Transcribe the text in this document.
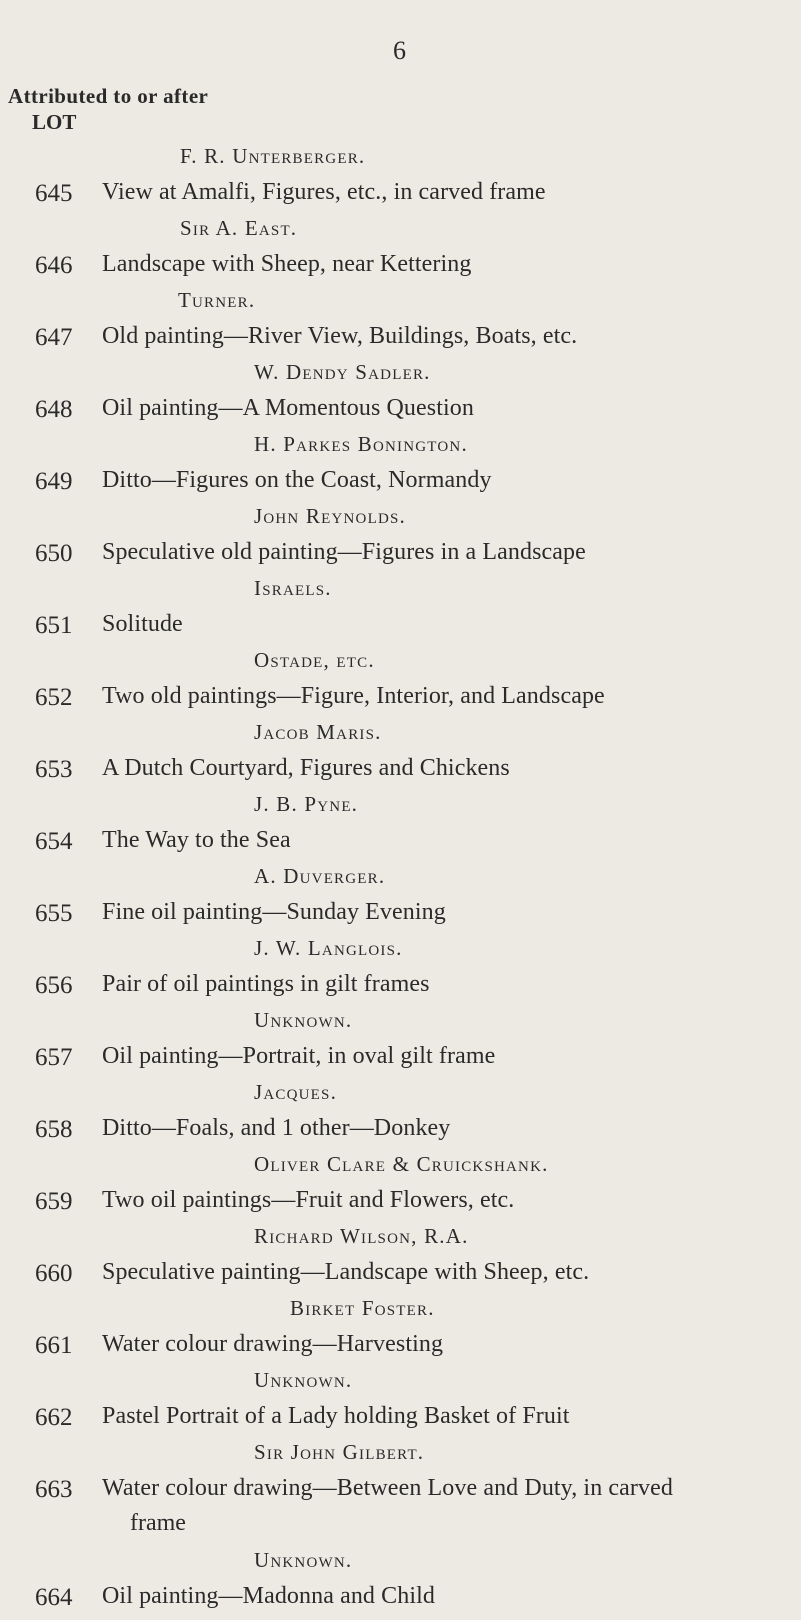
6
Attributed to or after
LOT
F. R. Unterberger.
645 View at Amalfi, Figures, etc., in carved frame
Sir A. East.
646 Landscape with Sheep, near Kettering
Turner.
647 Old painting—River View, Buildings, Boats, etc.
W. Dendy Sadler.
648 Oil painting—A Momentous Question
H. Parkes Bonington.
649 Ditto—Figures on the Coast, Normandy
John Reynolds.
650 Speculative old painting—Figures in a Landscape
Israels.
651 Solitude
Ostade, etc.
652 Two old paintings—Figure, Interior, and Landscape
Jacob Maris.
653 A Dutch Courtyard, Figures and Chickens
J. B. Pyne.
654 The Way to the Sea
A. Duverger.
655 Fine oil painting—Sunday Evening
J. W. Langlois.
656 Pair of oil paintings in gilt frames
Unknown.
657 Oil painting—Portrait, in oval gilt frame
Jacques.
658 Ditto—Foals, and 1 other—Donkey
Oliver Clare & Cruickshank.
659 Two oil paintings—Fruit and Flowers, etc.
Richard Wilson, R.A.
660 Speculative painting—Landscape with Sheep, etc.
Birket Foster.
661 Water colour drawing—Harvesting
Unknown.
662 Pastel Portrait of a Lady holding Basket of Fruit
Sir John Gilbert.
663 Water colour drawing—Between Love and Duty, in carved
frame
Unknown.
664 Oil painting—Madonna and Child
